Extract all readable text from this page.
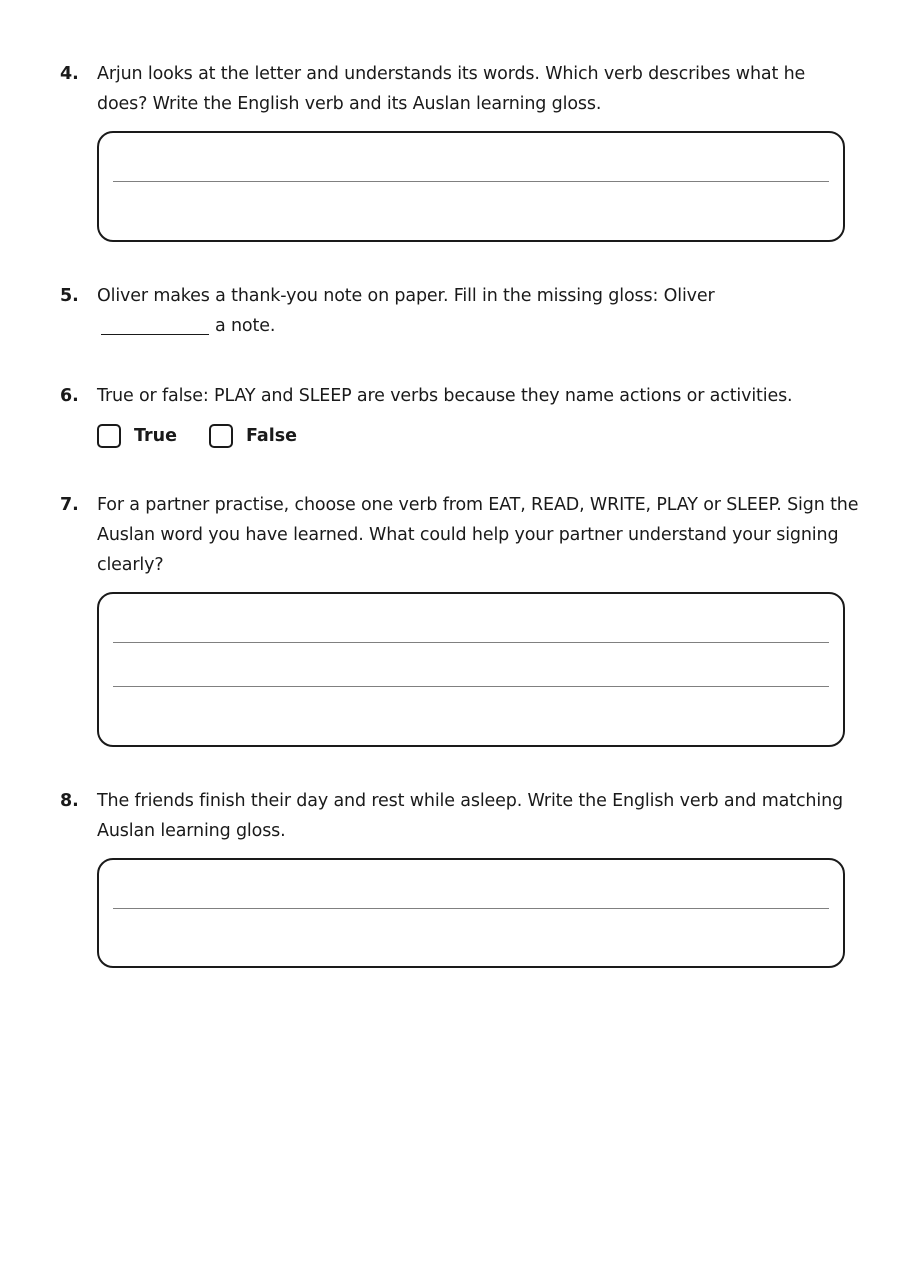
4.	Arjun looks at the letter and understands its words. Which verb describes what he does? Write the English verb and its Auslan learning gloss.
5.	Oliver makes a thank-you note on paper. Fill in the missing gloss: Oliver
a note.
6.	True or false: PLAY and SLEEP are verbs because they name actions or activities.
True	False
7.	For a partner practise, choose one verb from EAT, READ, WRITE, PLAY or SLEEP. Sign the Auslan word you have learned. What could help your partner understand your signing clearly?
8.	The friends finish their day and rest while asleep. Write the English verb and matching Auslan learning gloss.
